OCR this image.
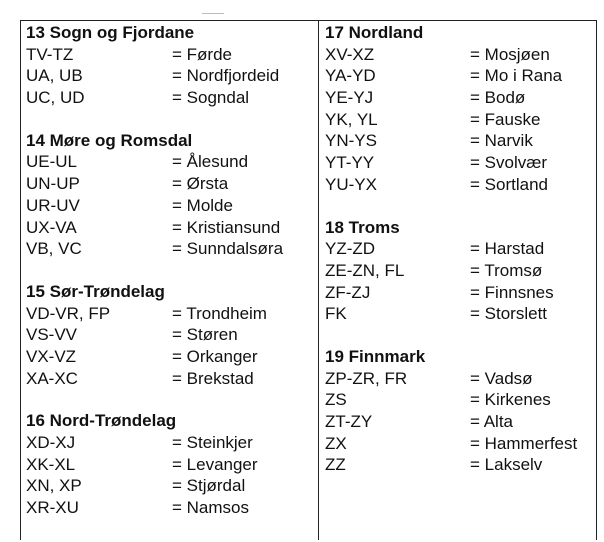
13 Sogn og Fjordane
TV-TZ	= Førde
UA, UB	= Nordfjordeid
UC, UD	= Sogndal
14 Møre og Romsdal
UE-UL	= Ålesund
UN-UP	= Ørsta
UR-UV	= Molde
UX-VA	= Kristiansund
VB, VC	= Sunndalsøra
15 Sør-Trøndelag
VD-VR, FP	= Trondheim
VS-VV	= Støren
VX-VZ	= Orkanger
XA-XC	= Brekstad
16 Nord-Trøndelag
XD-XJ	= Steinkjer
XK-XL	= Levanger
XN, XP	= Stjørdal
XR-XU	= Namsos
17 Nordland
XV-XZ	= Mosjøen
YA-YD	= Mo i Rana
YE-YJ	= Bodø
YK, YL	= Fauske
YN-YS	= Narvik
YT-YY	= Svolvær
YU-YX	= Sortland
18 Troms
YZ-ZD	= Harstad
ZE-ZN, FL	= Tromsø
ZF-ZJ	= Finnsnes
FK	= Storslett
19 Finnmark
ZP-ZR, FR	= Vadsø
ZS	= Kirkenes
ZT-ZY	= Alta
ZX	= Hammerfest
ZZ	= Lakselv
